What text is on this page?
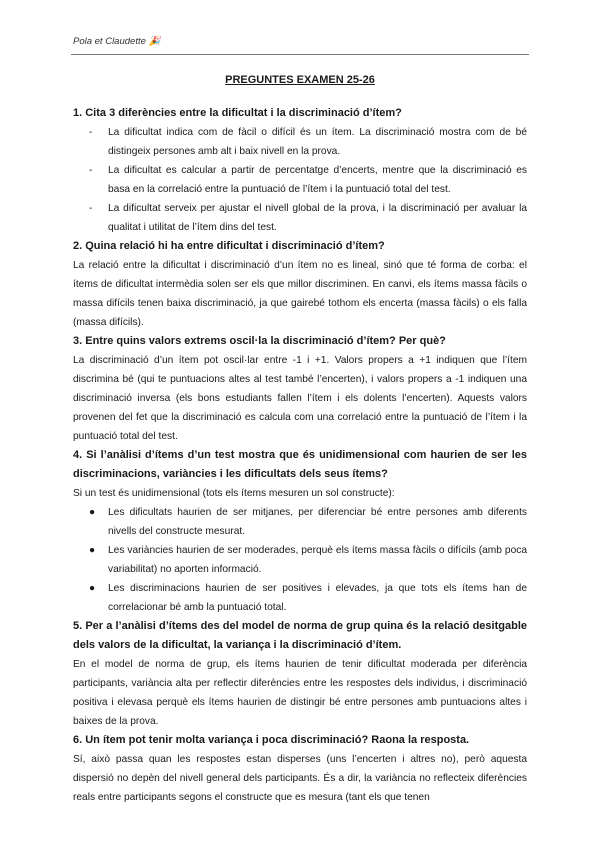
Pola et Claudette 🎉
PREGUNTES EXAMEN 25-26

1. Cita 3 diferències entre la dificultat i la discriminació d’ítem?

- La dificultat indica com de fàcil o difícil és un ítem. La discriminació mostra com de bé distingeix persones amb alt i baix nivell en la prova.
- La dificultat es calcular a partir de percentatge d’encerts, mentre que la discriminació es basa en la correlació entre la puntuació de l’ítem i la puntuació total del test.
- La dificultat serveix per ajustar el nivell global de la prova, i la discriminació per avaluar la qualitat i utilitat de l’ítem dins del test.

2. Quina relació hi ha entre dificultat i discriminació d’ítem?

La relació entre la dificultat i discriminació d’un ítem no es lineal, sinó que té forma de corba: el ítems de dificultat intermèdia solen ser els que millor discriminen. En canvi, els ítems massa fàcils o massa difícils tenen baixa discriminació, ja que gairebé tothom els encerta (massa fàcils) o els falla (massa difícils).

3. Entre quins valors extrems oscil·la la discriminació d’ítem? Per què?

La discriminació d’un ítem pot oscil·lar entre -1 i +1. Valors propers a +1 indiquen que l’ítem discrimina bé (qui te puntuacions altes al test també l’encerten), i valors propers a -1 indiquen una discriminació inversa (els bons estudiants fallen l’ítem i els dolents l’encerten). Aquests valors provenen del fet que la discriminació es calcula com una correlació entre la puntuació de l’ítem i la puntuació total del test.

4. Si l’anàlisi d’ítems d’un test mostra que és unidimensional com haurien de ser les discriminacions, variàncies i les dificultats dels seus ítems?

Si un test és unidimensional (tots els ítems mesuren un sol constructe):

● Les dificultats haurien de ser mitjanes, per diferenciar bé entre persones amb diferents nivells del constructe mesurat.
● Les variàncies haurien de ser moderades, perquè els ítems massa fàcils o difícils (amb poca variabilitat) no aporten informació.
● Les discriminacions haurien de ser positives i elevades, ja que tots els ítems han de correlacionar bé amb la puntuació total.

5. Per a l’anàlisi d’ítems des del model de norma de grup quina és la relació desitgable dels valors de la dificultat, la variança i la discriminació d’ítem.

En el model de norma de grup, els ítems haurien de tenir dificultat moderada per diferència participants, variància alta per reflectir diferències entre les respostes dels individus, i discriminació positiva i elevasa perquè els ítems haurien de distingir bé entre persones amb puntuacions altes i baixes de la prova.

6. Un ítem pot tenir molta variança i poca discriminació? Raona la resposta.

Sí, això passa quan les respostes estan disperses (uns l’encerten i altres no), però aquesta dispersió no depèn del nivell general dels participants. És a dir, la variància no reflecteix diferències reals entre participants segons el constructe que es mesura (tant els que tenen
